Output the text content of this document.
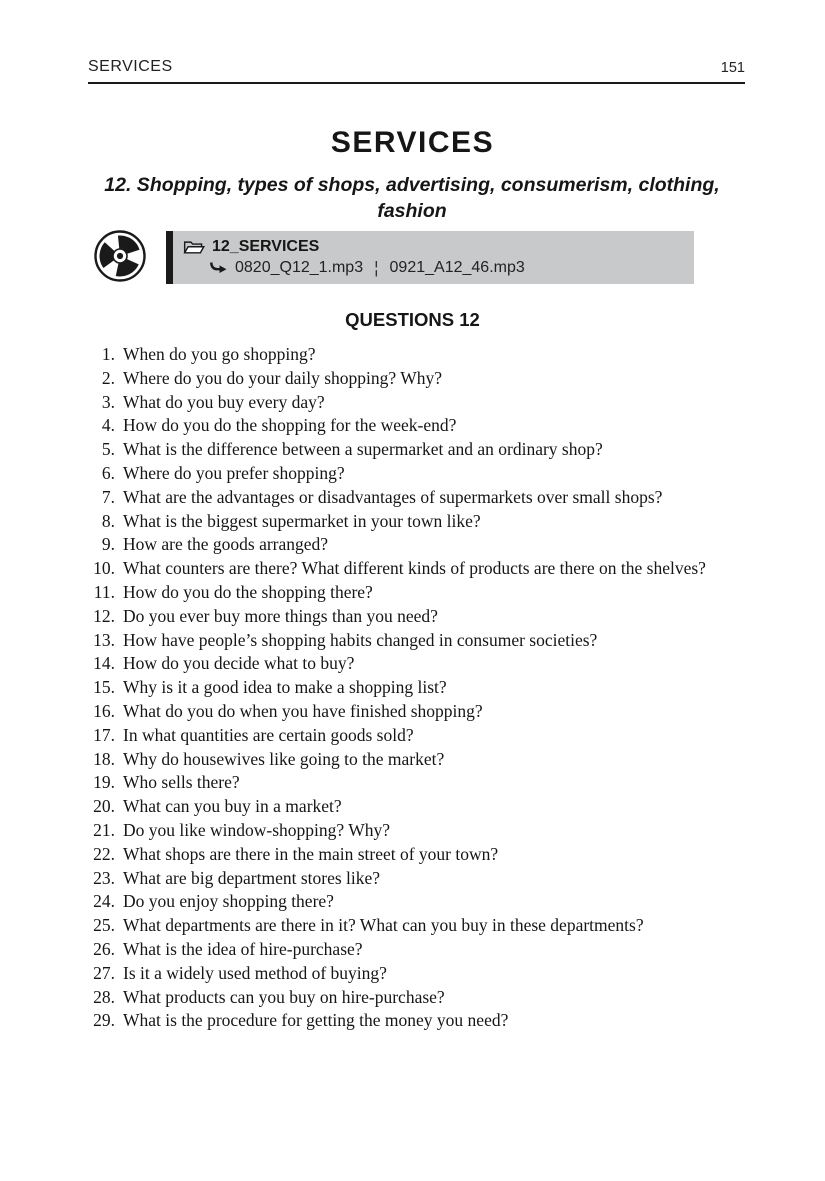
SERVICES	151
SERVICES
12. Shopping, types of shops, advertising, consumerism, clothing, fashion
12_SERVICES
0820_Q12_1.mp3 ¦ 0921_A12_46.mp3
QUESTIONS 12
1. When do you go shopping?
2. Where do you do your daily shopping? Why?
3. What do you buy every day?
4. How do you do the shopping for the week-end?
5. What is the difference between a supermarket and an ordinary shop?
6. Where do you prefer shopping?
7. What are the advantages or disadvantages of supermarkets over small shops?
8. What is the biggest supermarket in your town like?
9. How are the goods arranged?
10. What counters are there? What different kinds of products are there on the shelves?
11. How do you do the shopping there?
12. Do you ever buy more things than you need?
13. How have people’s shopping habits changed in consumer societies?
14. How do you decide what to buy?
15. Why is it a good idea to make a shopping list?
16. What do you do when you have finished shopping?
17. In what quantities are certain goods sold?
18. Why do housewives like going to the market?
19. Who sells there?
20. What can you buy in a market?
21. Do you like window-shopping? Why?
22. What shops are there in the main street of your town?
23. What are big department stores like?
24. Do you enjoy shopping there?
25. What departments are there in it? What can you buy in these departments?
26. What is the idea of hire-purchase?
27. Is it a widely used method of buying?
28. What products can you buy on hire-purchase?
29. What is the procedure for getting the money you need?
